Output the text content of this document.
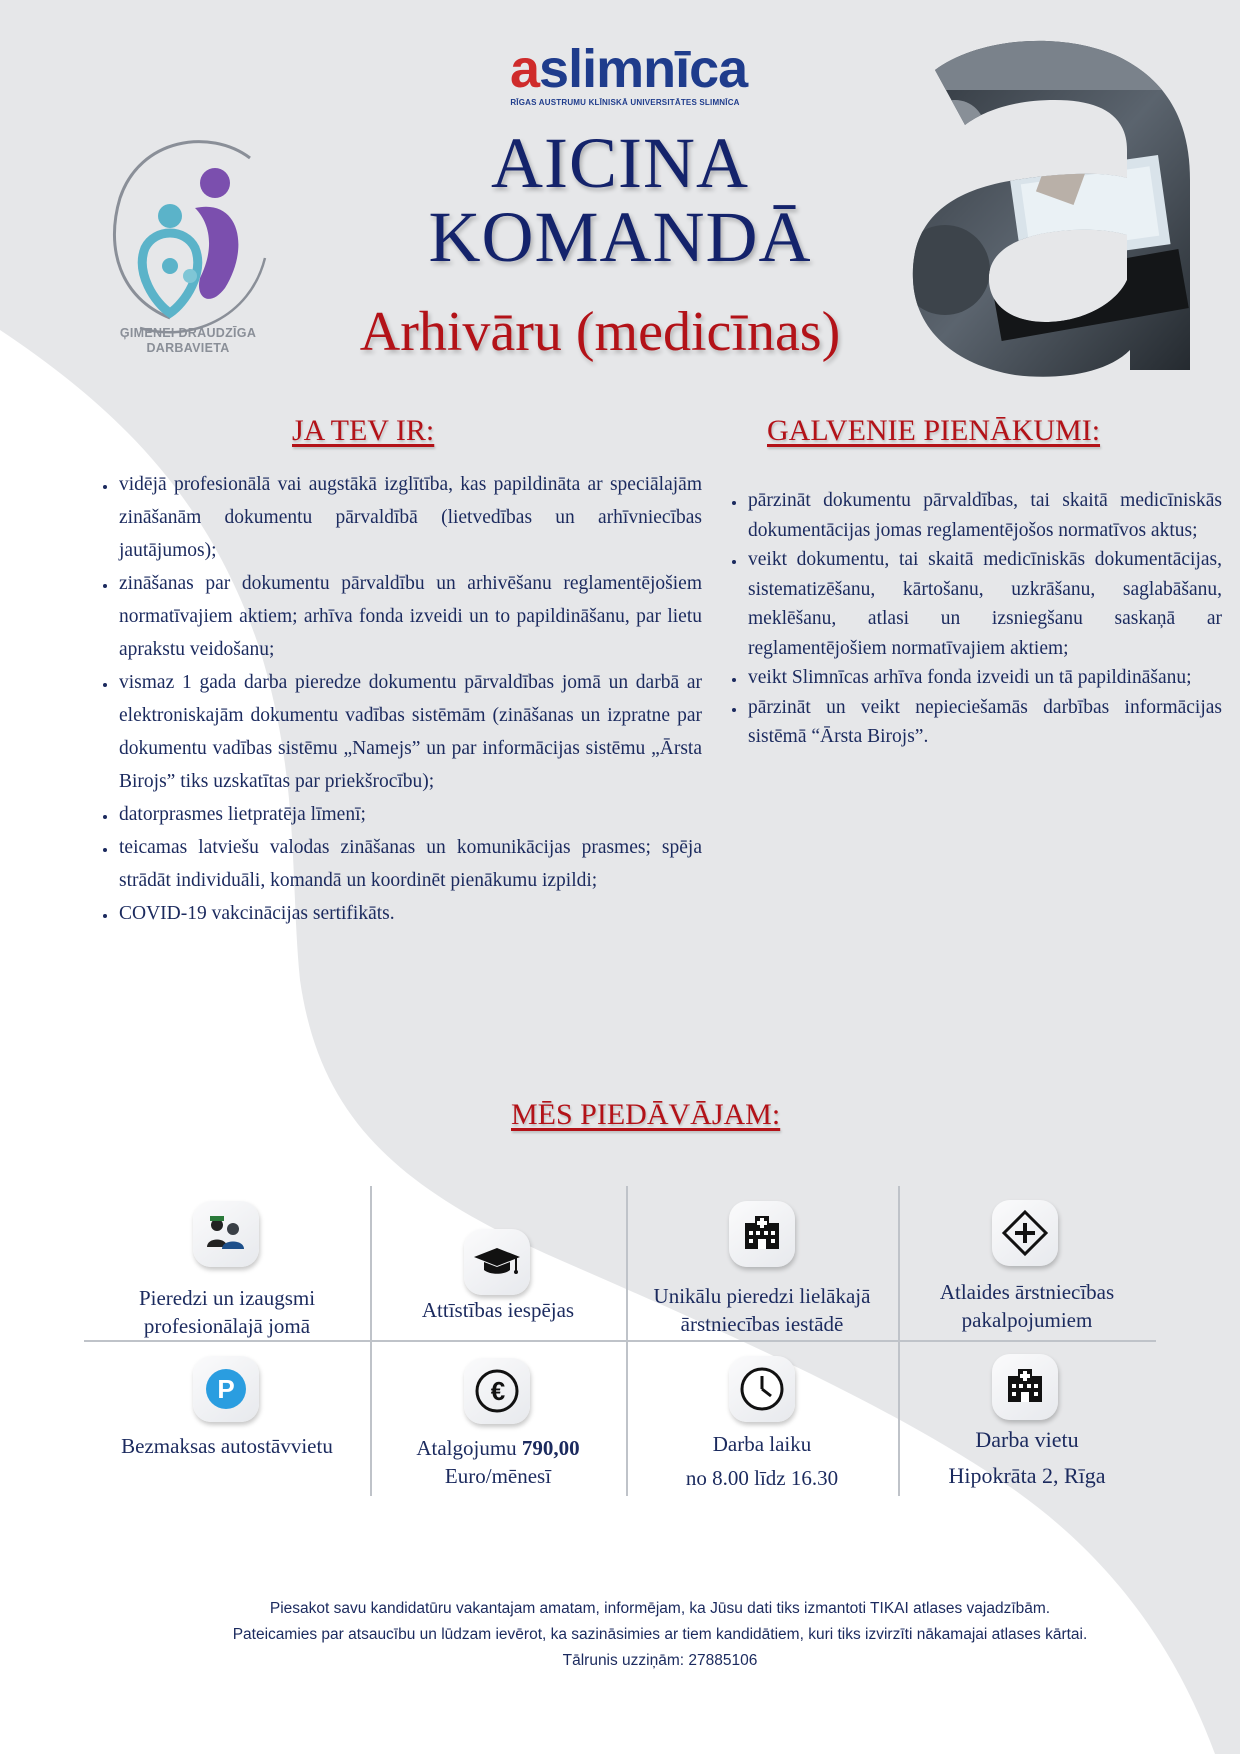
aslimnīca
RĪGAS AUSTRUMU KLĪNISKĀ UNIVERSITĀTES SLIMNĪCA
ĢIMENEI DRAUDZĪGA
DARBAVIETA
AICINA
KOMANDĀ
Arhivāru (medicīnas)
JA TEV IR:
• vidējā profesionālā vai augstākā izglītība, kas papildināta ar speciālajām zināšanām dokumentu pārvaldībā (lietvedības un arhīvniecības jautājumos);
• zināšanas par dokumentu pārvaldību un arhivēšanu reglamentējošiem normatīvajiem aktiem; arhīva fonda izveidi un to papildināšanu, par lietu aprakstu veidošanu;
• vismaz 1 gada darba pieredze dokumentu pārvaldības jomā un darbā ar elektroniskajām dokumentu vadības sistēmām (zināšanas un izpratne par dokumentu vadības sistēmu „Namejs” un par informācijas sistēmu „Ārsta Birojs” tiks uzskatītas par priekšrocību);
• datorprasmes lietpratēja līmenī;
• teicamas latviešu valodas zināšanas un komunikācijas prasmes; spēja strādāt individuāli, komandā un koordinēt pienākumu izpildi;
• COVID-19 vakcinācijas sertifikāts.
GALVENIE PIENĀKUMI:
• pārzināt dokumentu pārvaldības, tai skaitā medicīniskās dokumentācijas jomas reglamentējošos normatīvos aktus;
• veikt dokumentu, tai skaitā medicīniskās dokumentācijas, sistematizēšanu, kārtošanu, uzkrāšanu, saglabāšanu, meklēšanu, atlasi un izsniegšanu saskaņā ar reglamentējošiem normatīvajiem aktiem;
• veikt Slimnīcas arhīva fonda izveidi un tā papildināšanu;
• pārzināt un veikt nepieciešamās darbības informācijas sistēmā “Ārsta Birojs”.
MĒS PIEDĀVĀJAM:
Pieredzi un izaugsmi
profesionālajā jomā
Attīstības iespējas
Unikālu pieredzi lielākajā
ārstniecības iestādē
Atlaides ārstniecības
pakalpojumiem
P
Bezmaksas autostāvvietu
€
Atalgojumu 790,00
Euro/mēnesī
Darba laiku
no 8.00 līdz 16.30
Darba vietu
Hipokrāta 2, Rīga
Piesakot savu kandidatūru vakantajam amatam, informējam, ka Jūsu dati tiks izmantoti TIKAI atlases vajadzībām.
Pateicamies par atsaucību un lūdzam ievērot, ka sazināsimies ar tiem kandidātiem, kuri tiks izvirzīti nākamajai atlases kārtai.
Tālrunis uzziņām: 27885106
